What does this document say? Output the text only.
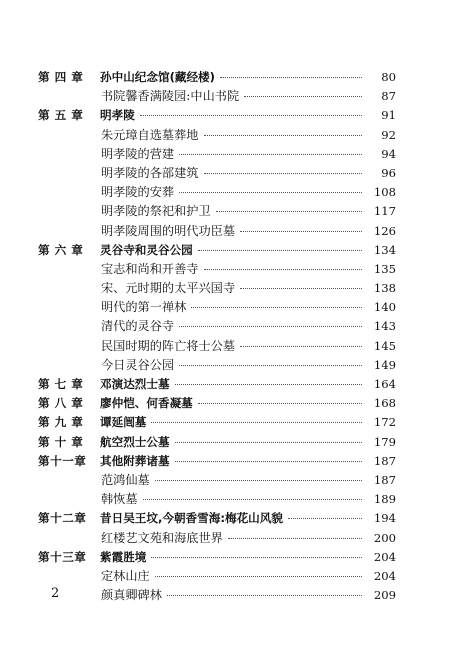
第 四 章 孙中山纪念馆(藏经楼)	80
书院馨香满陵园:中山书院	87
第 五 章 明孝陵	91
朱元璋自选墓葬地	92
明孝陵的营建	94
明孝陵的各部建筑	96
明孝陵的安葬	108
明孝陵的祭祀和护卫	117
明孝陵周围的明代功臣墓	126
第 六 章 灵谷寺和灵谷公园	134
宝志和尚和开善寺	135
宋、元时期的太平兴国寺	138
明代的第一禅林	140
清代的灵谷寺	143
民国时期的阵亡将士公墓	145
今日灵谷公园	149
第 七 章 邓演达烈士墓	164
第 八 章 廖仲恺、何香凝墓	168
第 九 章 谭延闿墓	172
第 十 章 航空烈士公墓	179
第十一章 其他附葬诸墓	187
范鸿仙墓	187
韩恢墓	189
第十二章 昔日吴王坟,今朝香雪海:梅花山风貌	194
红楼艺文苑和海底世界	200
第十三章 紫霞胜境	204
定林山庄	204
颜真卿碑林	209
2
